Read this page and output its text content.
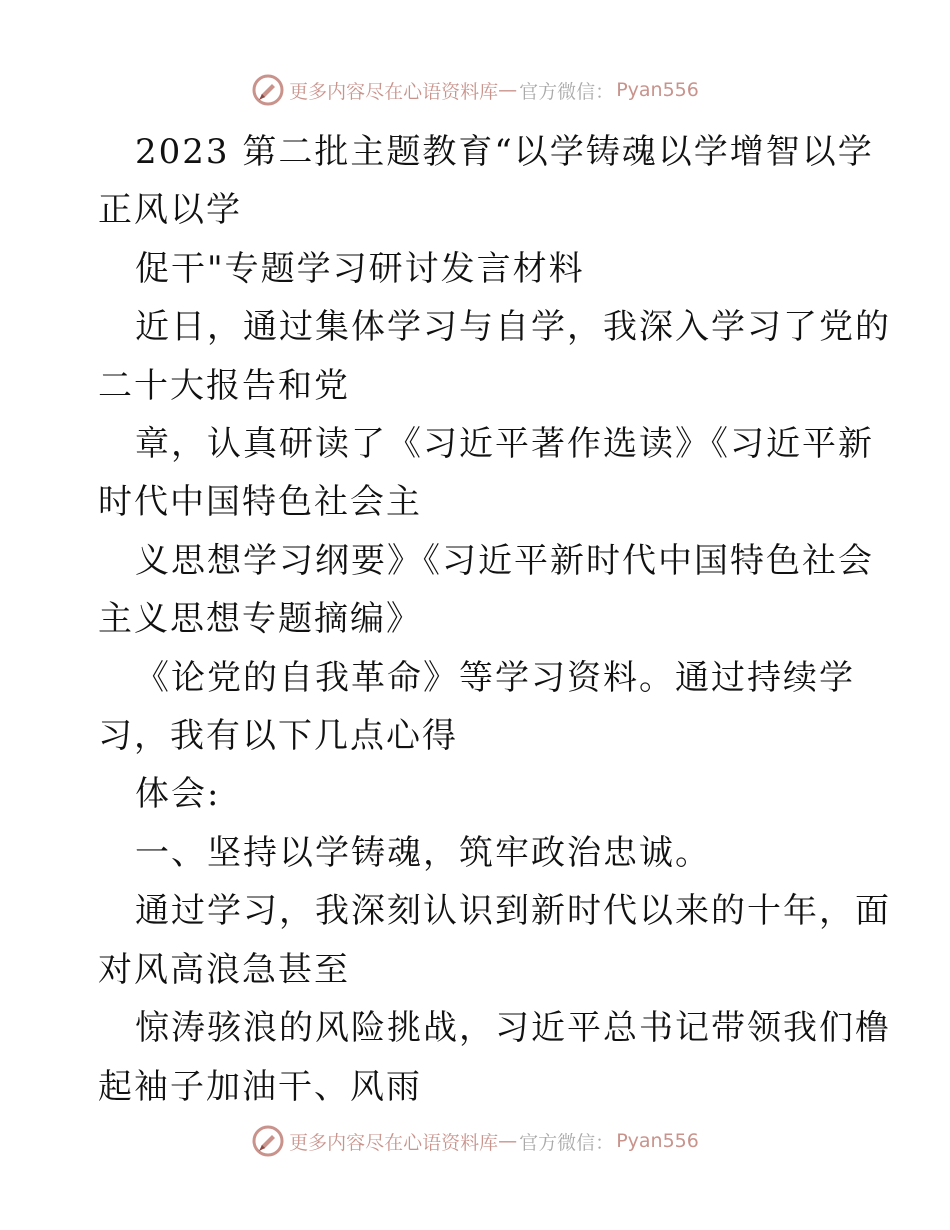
更多内容尽在心语资料库 — 官方微信： Pyan556

2023 第二批主题教育“以学铸魂以学增智以学

正风以学

促干"专题学习研讨发言材料

近日，通过集体学习与自学，我深入学习了党的

二十大报告和党

章，认真研读了《习近平著作选读》《习近平新

时代中国特色社会主

义思想学习纲要》《习近平新时代中国特色社会

主义思想专题摘编》

《论党的自我革命》等学习资料。通过持续学

习，我有以下几点心得

体会:

一、坚持以学铸魂，筑牢政治忠诚。

通过学习，我深刻认识到新时代以来的十年，面

对风高浪急甚至

惊涛骇浪的风险挑战，习近平总书记带领我们橹

起袖子加油干、风雨

更多内容尽在心语资料库 — 官方微信： Pyan556
